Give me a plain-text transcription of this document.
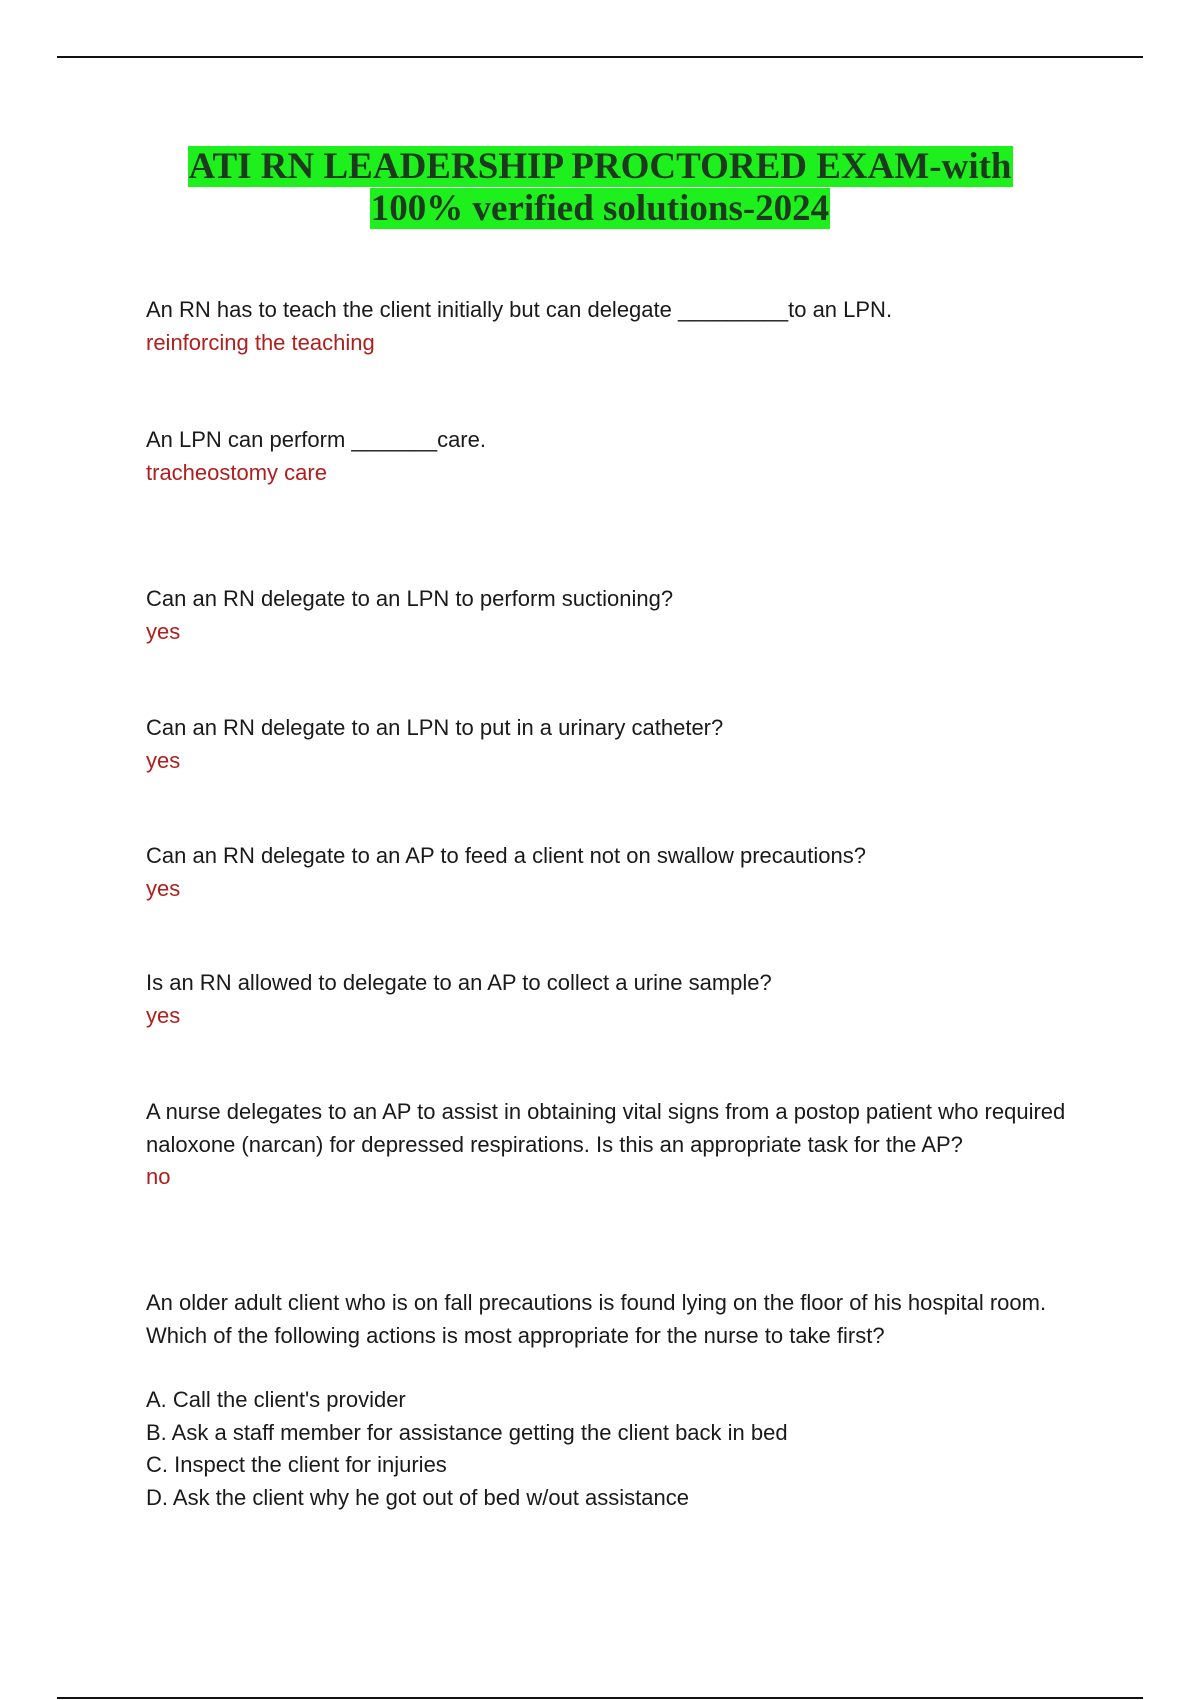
ATI RN LEADERSHIP PROCTORED EXAM-with
100% verified solutions-2024
An RN has to teach the client initially but can delegate _________to an LPN.
reinforcing the teaching
An LPN can perform _______care.
tracheostomy care
Can an RN delegate to an LPN to perform suctioning?
yes
Can an RN delegate to an LPN to put in a urinary catheter?
yes
Can an RN delegate to an AP to feed a client not on swallow precautions?
yes
Is an RN allowed to delegate to an AP to collect a urine sample?
yes
A nurse delegates to an AP to assist in obtaining vital signs from a postop patient who required naloxone (narcan) for depressed respirations. Is this an appropriate task for the AP?
no
An older adult client who is on fall precautions is found lying on the floor of his hospital room. Which of the following actions is most appropriate for the nurse to take first?
A. Call the client's provider
B. Ask a staff member for assistance getting the client back in bed
C. Inspect the client for injuries
D. Ask the client why he got out of bed w/out assistance
